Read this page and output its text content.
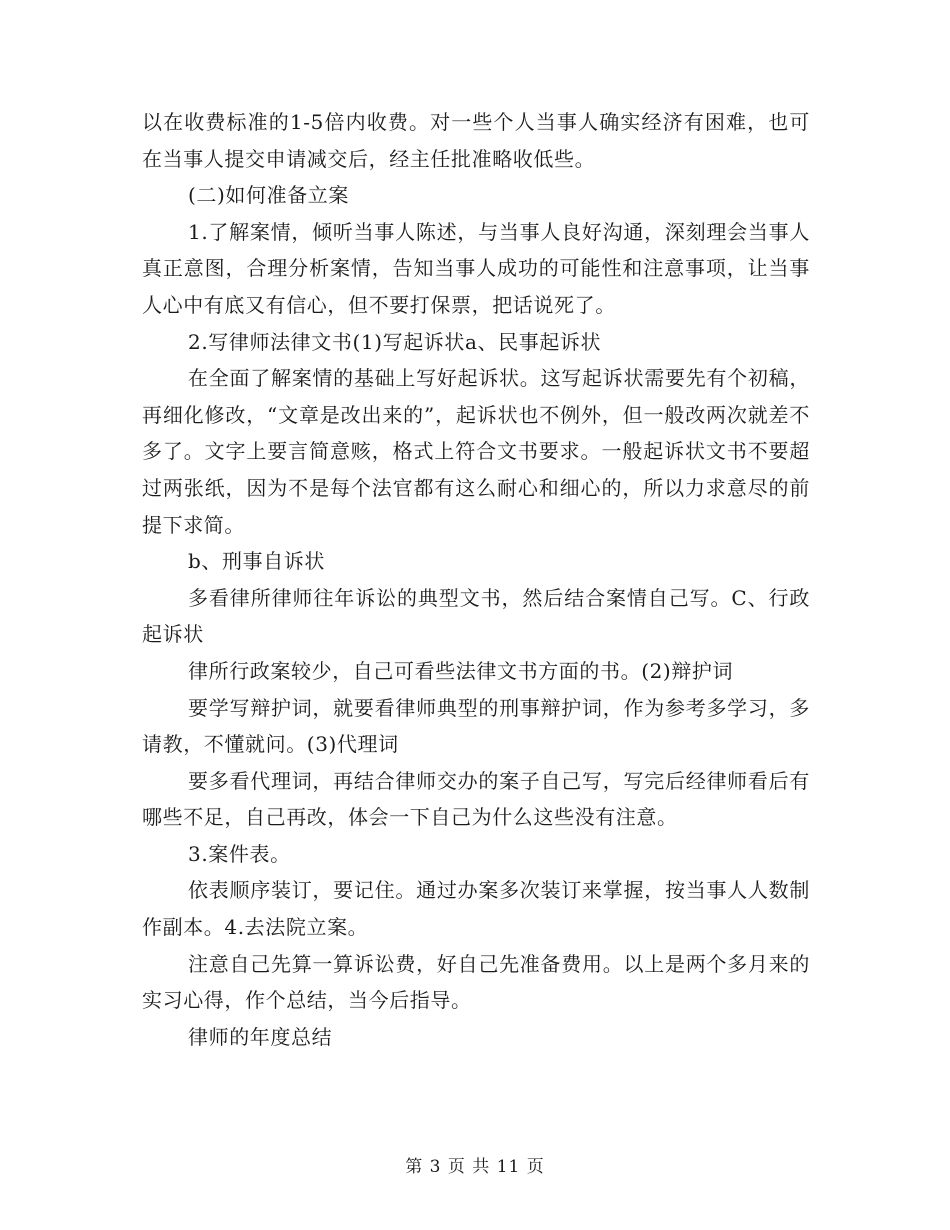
以在收费标准的1-5倍内收费。对一些个人当事人确实经济有困难，也可在当事人提交申请减交后，经主任批准略收低些。

(二)如何准备立案

1.了解案情，倾听当事人陈述，与当事人良好沟通，深刻理会当事人真正意图，合理分析案情，告知当事人成功的可能性和注意事项，让当事人心中有底又有信心，但不要打保票，把话说死了。

2.写律师法律文书(1)写起诉状a、民事起诉状

在全面了解案情的基础上写好起诉状。这写起诉状需要先有个初稿，再细化修改，“文章是改出来的”，起诉状也不例外，但一般改两次就差不多了。文字上要言简意赅，格式上符合文书要求。一般起诉状文书不要超过两张纸，因为不是每个法官都有这么耐心和细心的，所以力求意尽的前提下求简。

b、刑事自诉状

多看律所律师往年诉讼的典型文书，然后结合案情自己写。C、行政起诉状

律所行政案较少，自己可看些法律文书方面的书。(2)辩护词

要学写辩护词，就要看律师典型的刑事辩护词，作为参考多学习，多请教，不懂就问。(3)代理词

要多看代理词，再结合律师交办的案子自己写，写完后经律师看后有哪些不足，自己再改，体会一下自己为什么这些没有注意。

3.案件表。

依表顺序装订，要记住。通过办案多次装订来掌握，按当事人人数制作副本。4.去法院立案。

注意自己先算一算诉讼费，好自己先准备费用。以上是两个多月来的实习心得，作个总结，当今后指导。

律师的年度总结

第 3 页 共 11 页
